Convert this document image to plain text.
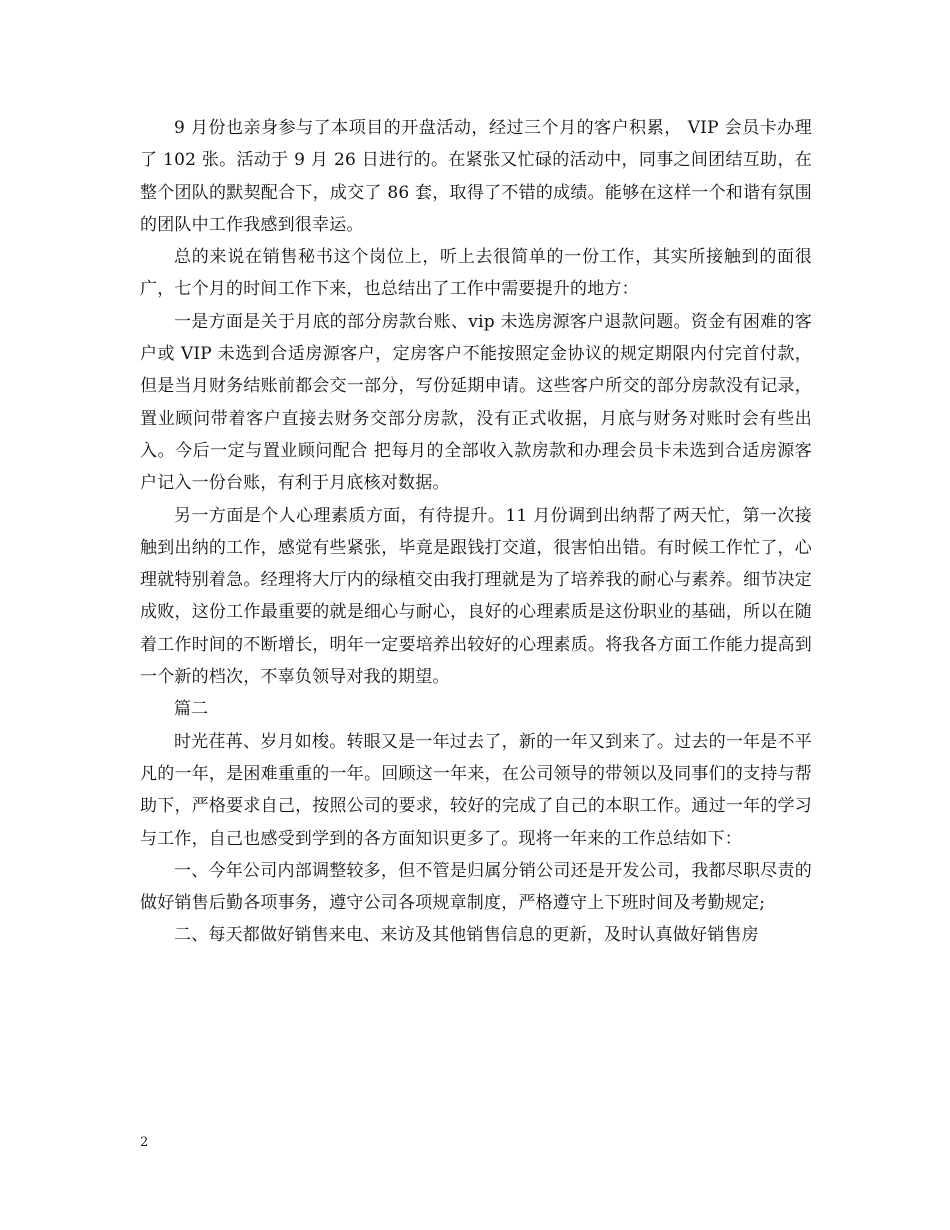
9 月份也亲身参与了本项目的开盘活动，经过三个月的客户积累， VIP 会员卡办理了 102 张。活动于 9 月 26 日进行的。在紧张又忙碌的活动中，同事之间团结互助，在整个团队的默契配合下，成交了 86 套，取得了不错的成绩。能够在这样一个和谐有氛围的团队中工作我感到很幸运。

总的来说在销售秘书这个岗位上，听上去很简单的一份工作，其实所接触到的面很广，七个月的时间工作下来，也总结出了工作中需要提升的地方：

一是方面是关于月底的部分房款台账、vip 未选房源客户退款问题。资金有困难的客户或 VIP 未选到合适房源客户，定房客户不能按照定金协议的规定期限内付完首付款，但是当月财务结账前都会交一部分，写份延期申请。这些客户所交的部分房款没有记录，置业顾问带着客户直接去财务交部分房款，没有正式收据，月底与财务对账时会有些出入。今后一定与置业顾问配合 把每月的全部收入款房款和办理会员卡未选到合适房源客户记入一份台账，有利于月底核对数据。

另一方面是个人心理素质方面，有待提升。11 月份调到出纳帮了两天忙，第一次接触到出纳的工作，感觉有些紧张，毕竟是跟钱打交道，很害怕出错。有时候工作忙了，心理就特别着急。经理将大厅内的绿植交由我打理就是为了培养我的耐心与素养。细节决定成败，这份工作最重要的就是细心与耐心，良好的心理素质是这份职业的基础，所以在随着工作时间的不断增长，明年一定要培养出较好的心理素质。将我各方面工作能力提高到一个新的档次，不辜负领导对我的期望。

篇二

时光荏苒、岁月如梭。转眼又是一年过去了，新的一年又到来了。过去的一年是不平凡的一年，是困难重重的一年。回顾这一年来，在公司领导的带领以及同事们的支持与帮助下，严格要求自己，按照公司的要求，较好的完成了自己的本职工作。通过一年的学习与工作，自己也感受到学到的各方面知识更多了。现将一年来的工作总结如下：

一、今年公司内部调整较多，但不管是归属分销公司还是开发公司，我都尽职尽责的做好销售后勤各项事务，遵守公司各项规章制度，严格遵守上下班时间及考勤规定;

二、每天都做好销售来电、来访及其他销售信息的更新，及时认真做好销售房

2
